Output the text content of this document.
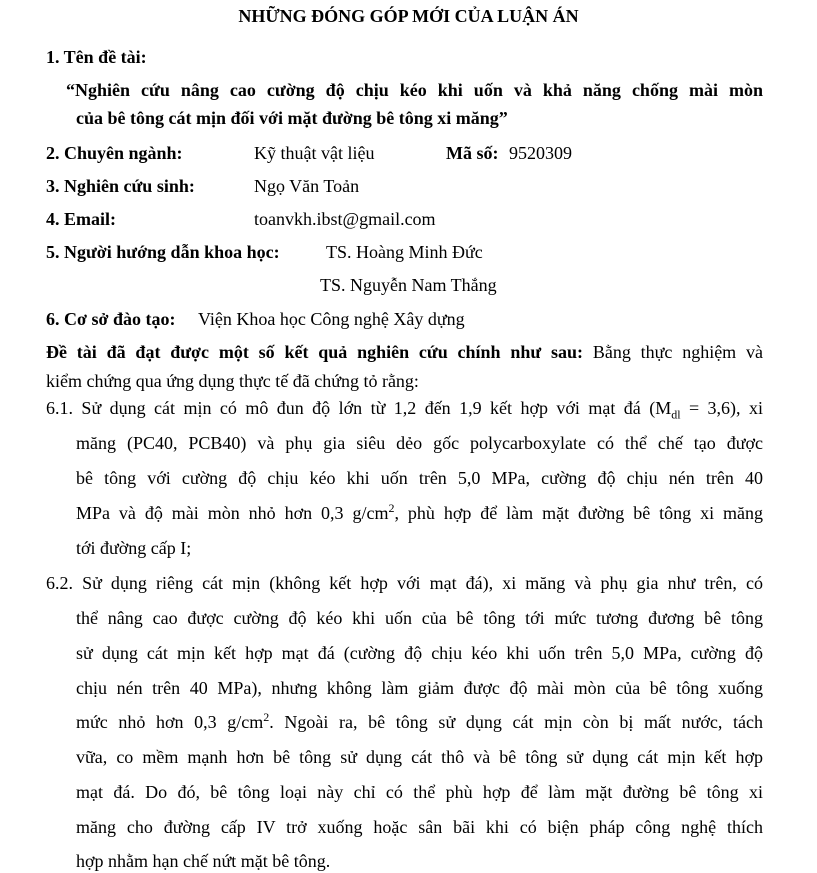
NHỮNG ĐÓNG GÓP MỚI CỦA LUẬN ÁN
1. Tên đề tài:
“Nghiên cứu nâng cao cường độ chịu kéo khi uốn và khả năng chống mài mòn
của bê tông cát mịn đối với mặt đường bê tông xi măng”
2. Chuyên ngành:	Kỹ thuật vật liệu	Mã số: 9520309
3. Nghiên cứu sinh:	Ngọ Văn Toản
4. Email:	toanvkh.ibst@gmail.com
5. Người hướng dẫn khoa học:	TS. Hoàng Minh Đức
TS. Nguyễn Nam Thắng
6. Cơ sở đào tạo: Viện Khoa học Công nghệ Xây dựng
Đề tài đã đạt được một số kết quả nghiên cứu chính như sau: Bằng thực nghiệm và
kiểm chứng qua ứng dụng thực tế đã chứng tỏ rằng:
6.1. Sử dụng cát mịn có mô đun độ lớn từ 1,2 đến 1,9 kết hợp với mạt đá $(M_{dl} = 3,6)$, xi
măng (PC40, PCB40) và phụ gia siêu dẻo gốc polycarboxylate có thể chế tạo được
bê tông với cường độ chịu kéo khi uốn trên 5,0 MPa, cường độ chịu nén trên 40
MPa và độ mài mòn nhỏ hơn 0,3 $g/cm^2$, phù hợp để làm mặt đường bê tông xi măng
tới đường cấp I;
6.2. Sử dụng riêng cát mịn (không kết hợp với mạt đá), xi măng và phụ gia như trên, có
thể nâng cao được cường độ kéo khi uốn của bê tông tới mức tương đương bê tông
sử dụng cát mịn kết hợp mạt đá (cường độ chịu kéo khi uốn trên 5,0 MPa, cường độ
chịu nén trên 40 MPa), nhưng không làm giảm được độ mài mòn của bê tông xuống
mức nhỏ hơn 0,3 $g/cm^2$. Ngoài ra, bê tông sử dụng cát mịn còn bị mất nước, tách
vữa, co mềm mạnh hơn bê tông sử dụng cát thô và bê tông sử dụng cát mịn kết hợp
mạt đá. Do đó, bê tông loại này chỉ có thể phù hợp để làm mặt đường bê tông xi
măng cho đường cấp IV trở xuống hoặc sân bãi khi có biện pháp công nghệ thích
hợp nhằm hạn chế nứt mặt bê tông.
